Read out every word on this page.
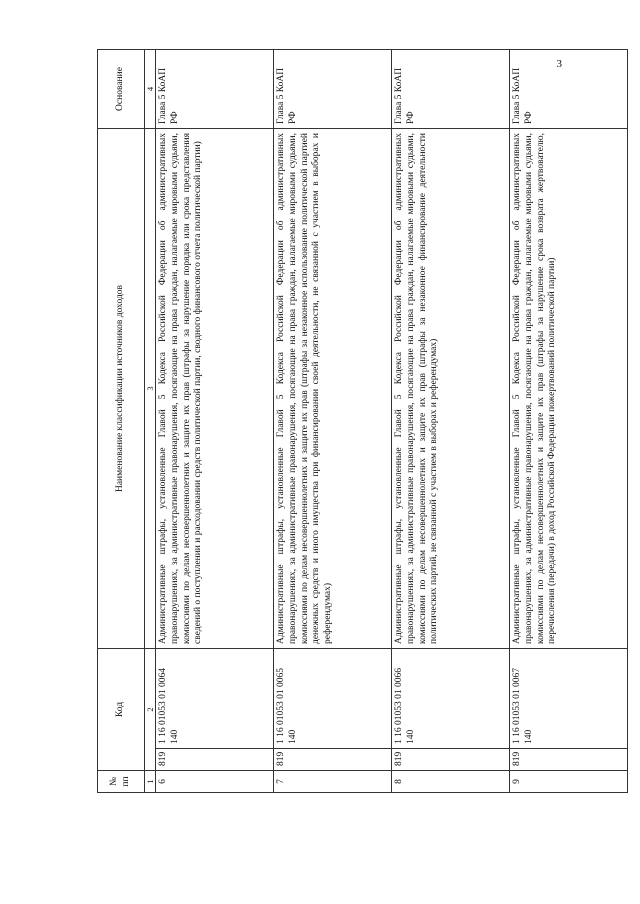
3
№ пп	Код		Наименование классификации источников доходов	Основание
1	2		3	4
6	819	1 16 01053 01 0064 140	Административные штрафы, установленные Главой 5 Кодекса Российской Федерации об административных правонарушениях, за административные правонарушения, посягающие на права граждан, налагаемые мировыми судьями, комиссиями по делам несовершеннолетних и защите их прав (штрафы за нарушение порядка или срока представления сведений о поступлении и расходовании средств политической партии, сводного финансового отчета политической партии)	Глава 5 КоАП РФ
7	819	1 16 01053 01 0065 140	Административные штрафы, установленные Главой 5 Кодекса Российской Федерации об административных правонарушениях, за административные правонарушения, посягающие на права граждан, налагаемые мировыми судьями, комиссиями по делам несовершеннолетних и защите их прав (штрафы за незаконное использование политической партией денежных средств и иного имущества при финансировании своей деятельности, не связанной с участием в выборах и референдумах)	Глава 5 КоАП РФ
8	819	1 16 01053 01 0066 140	Административные штрафы, установленные Главой 5 Кодекса Российской Федерации об административных правонарушениях, за административные правонарушения, посягающие на права граждан, налагаемые мировыми судьями, комиссиями по делам несовершеннолетних и защите их прав (штрафы за незаконное финансирование деятельности политических партий, не связанной с участием в выборах и референдумах)	Глава 5 КоАП РФ
9	819	1 16 01053 01 0067 140	Административные штрафы, установленные Главой 5 Кодекса Российской Федерации об административных правонарушениях, за административные правонарушения, посягающие на права граждан, налагаемые мировыми судьями, комиссиями по делам несовершеннолетних и защите их прав (штрафы за нарушение срока возврата жертвователю, перечисления (передачи) в доход Российской Федерации пожертвований политической партии)	Глава 5 КоАП РФ
